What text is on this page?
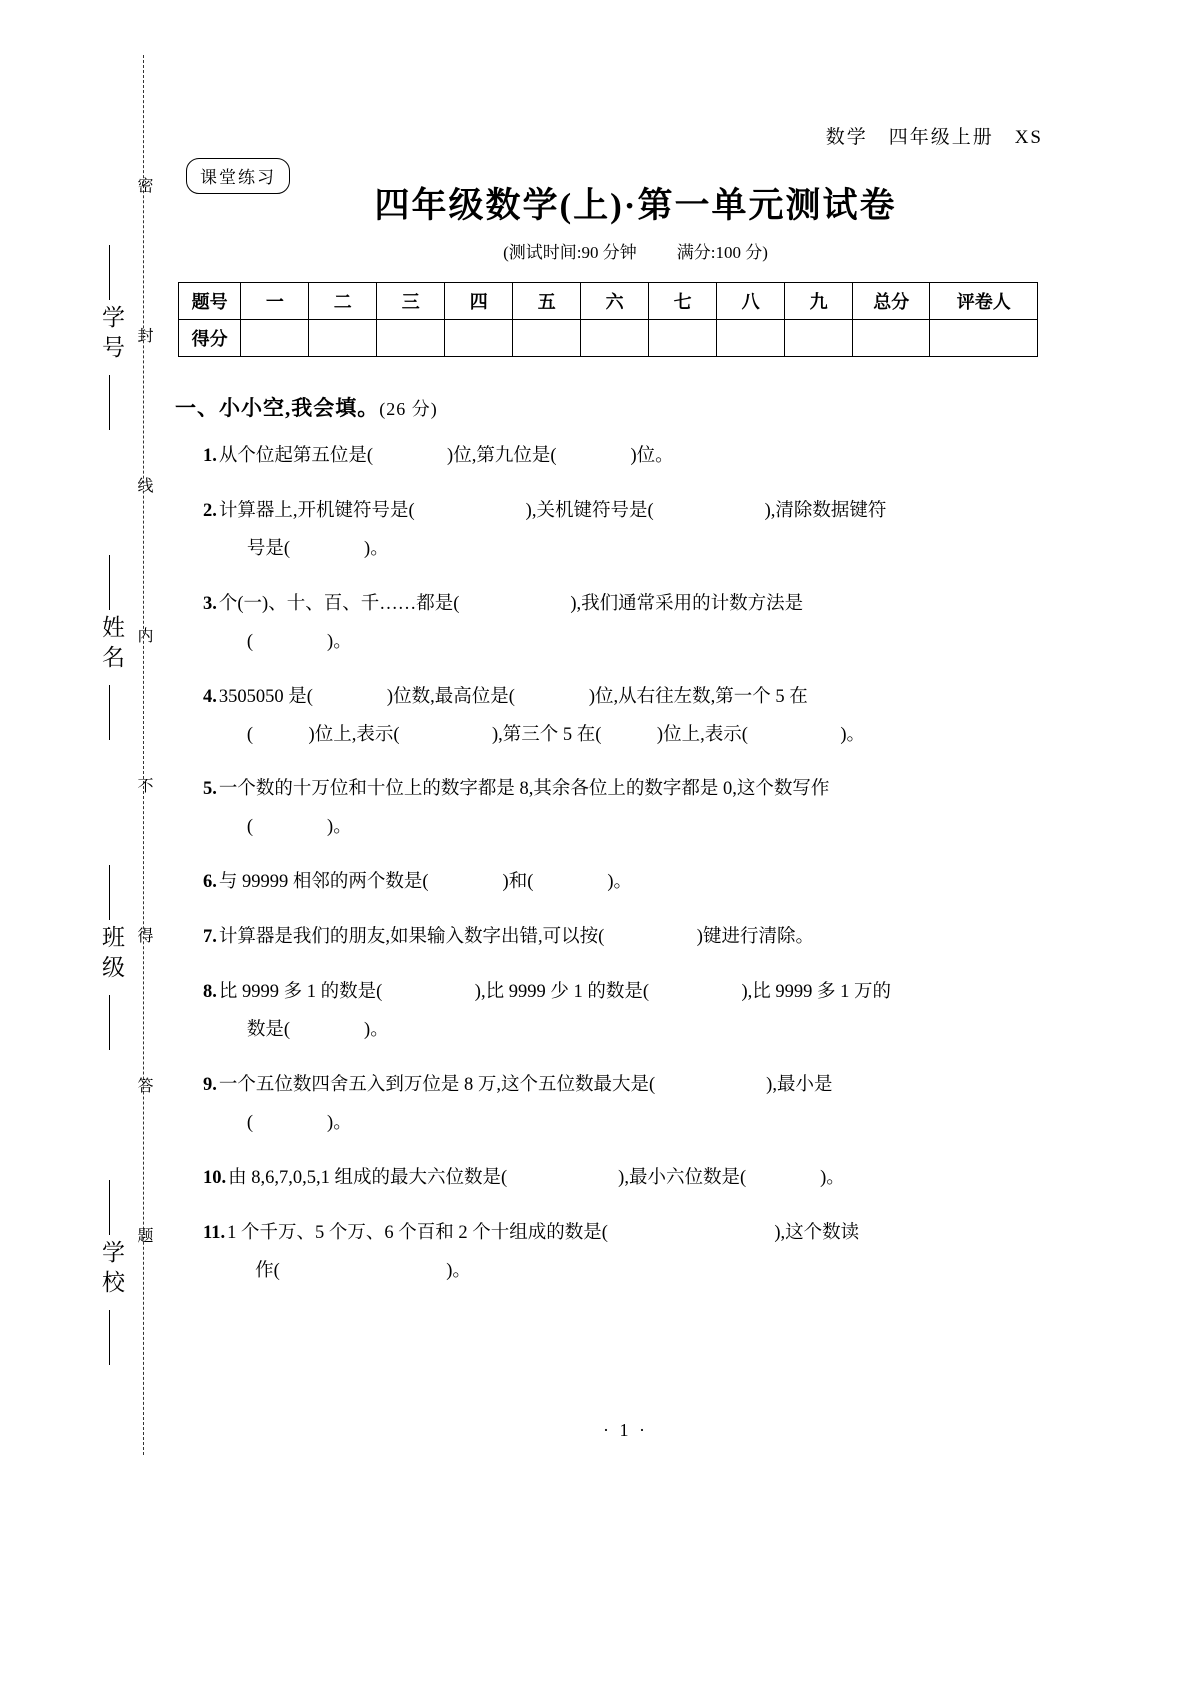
数学　四年级上册　XS
密
封
线
内
不
得
答
题
学号
姓名
班级
学校
课堂练习
四年级数学(上)·第一单元测试卷
(测试时间:90 分钟 满分:100 分)
题号	一	二	三	四	五	六	七	八	九	总分	评卷人
得分											
一、小小空,我会填。(26 分)
1. 从个位起第五位是(　　　　)位,第九位是(　　　　)位。
2. 计算器上,开机键符号是(　　　　　　),关机键符号是(　　　　　　),清除数据键符
号是(　　　　)。
3. 个(一)、十、百、千……都是(　　　　　　),我们通常采用的计数方法是
(　　　　)。
4. 3505050 是(　　　　)位数,最高位是(　　　　)位,从右往左数,第一个 5 在
(　　　)位上,表示(　　　　　),第三个 5 在(　　　)位上,表示(　　　　　)。
5. 一个数的十万位和十位上的数字都是 8,其余各位上的数字都是 0,这个数写作
(　　　　)。
6. 与 99999 相邻的两个数是(　　　　)和(　　　　)。
7. 计算器是我们的朋友,如果输入数字出错,可以按(　　　　　)键进行清除。
8. 比 9999 多 1 的数是(　　　　　),比 9999 少 1 的数是(　　　　　),比 9999 多 1 万的
数是(　　　　)。
9. 一个五位数四舍五入到万位是 8 万,这个五位数最大是(　　　　　　),最小是
(　　　　)。
10. 由 8,6,7,0,5,1 组成的最大六位数是(　　　　　　),最小六位数是(　　　　)。
11. 1 个千万、5 个万、6 个百和 2 个十组成的数是(　　　　　　　　　),这个数读
作(　　　　　　　　　)。
· 1 ·
